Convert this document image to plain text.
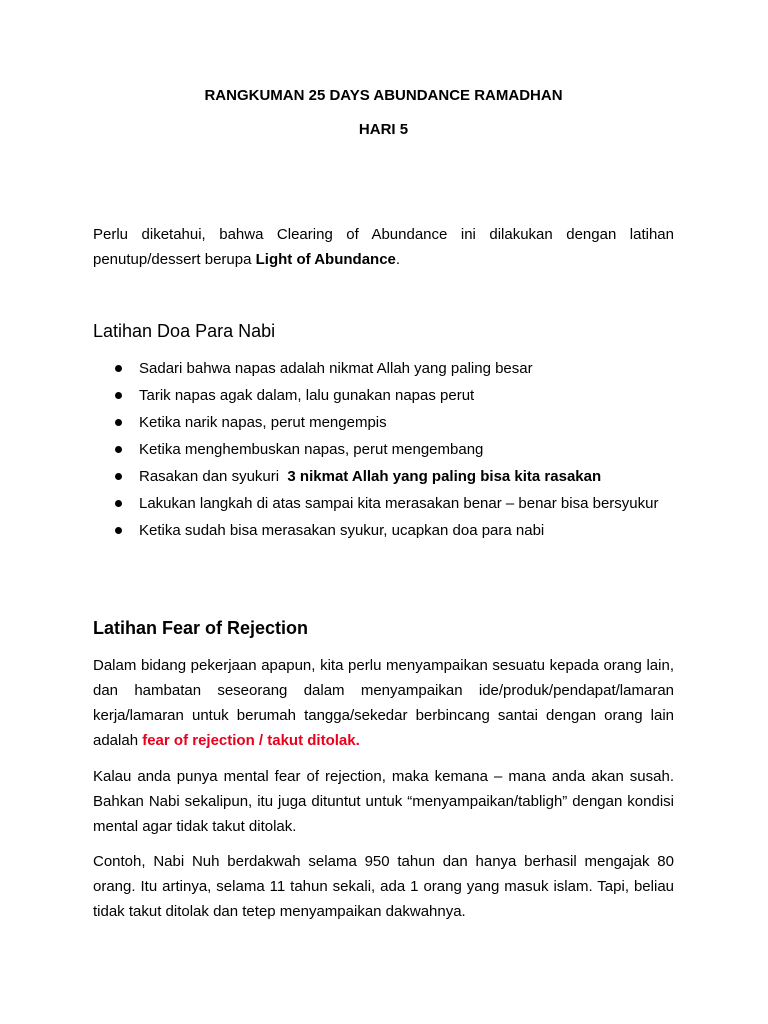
RANGKUMAN 25 DAYS ABUNDANCE RAMADHAN
HARI 5

Perlu diketahui, bahwa Clearing of Abundance ini dilakukan dengan latihan penutup/dessert berupa Light of Abundance.

Latihan Doa Para Nabi
Sadari bahwa napas adalah nikmat Allah yang paling besar
Tarik napas agak dalam, lalu gunakan napas perut
Ketika narik napas, perut mengempis
Ketika menghembuskan napas, perut mengembang
Rasakan dan syukuri  3 nikmat Allah yang paling bisa kita rasakan
Lakukan langkah di atas sampai kita merasakan benar – benar bisa bersyukur
Ketika sudah bisa merasakan syukur, ucapkan doa para nabi
Latihan Fear of Rejection

Dalam bidang pekerjaan apapun, kita perlu menyampaikan sesuatu kepada orang lain, dan hambatan seseorang dalam menyampaikan ide/produk/pendapat/lamaran kerja/lamaran untuk berumah tangga/sekedar berbincang santai dengan orang lain adalah fear of rejection / takut ditolak.

Kalau anda punya mental fear of rejection, maka kemana – mana anda akan susah. Bahkan Nabi sekalipun, itu juga dituntut untuk “menyampaikan/tabligh” dengan kondisi mental agar tidak takut ditolak.

Contoh, Nabi Nuh berdakwah selama 950 tahun dan hanya berhasil mengajak 80 orang. Itu artinya, selama 11 tahun sekali, ada 1 orang yang masuk islam. Tapi, beliau tidak takut ditolak dan tetep menyampaikan dakwahnya.
